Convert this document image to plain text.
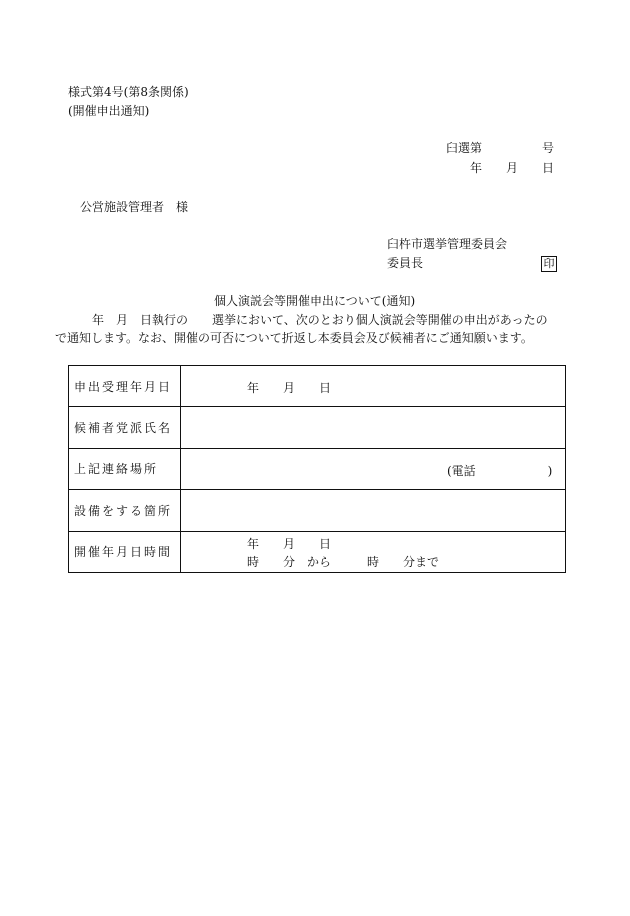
様式第4号(第8条関係)
(開催申出通知)
臼選第　　　　　号
年　　月　　日
公営施設管理者　様
臼杵市選挙管理委員会
委員長	印
個人演説会等開催申出について(通知)
年　月　日執行の　　選挙において、次のとおり個人演説会等開催の申出があったの
で通知します。なお、開催の可否について折返し本委員会及び候補者にご通知願います。
申出受理年月日	年　　月　　日

候補者党派氏名	

上記連絡場所	(電話　　　　　　)

設備をする箇所	

開催年月日時間	年　　月　　日
時　　分　から　　　時　　分まで
